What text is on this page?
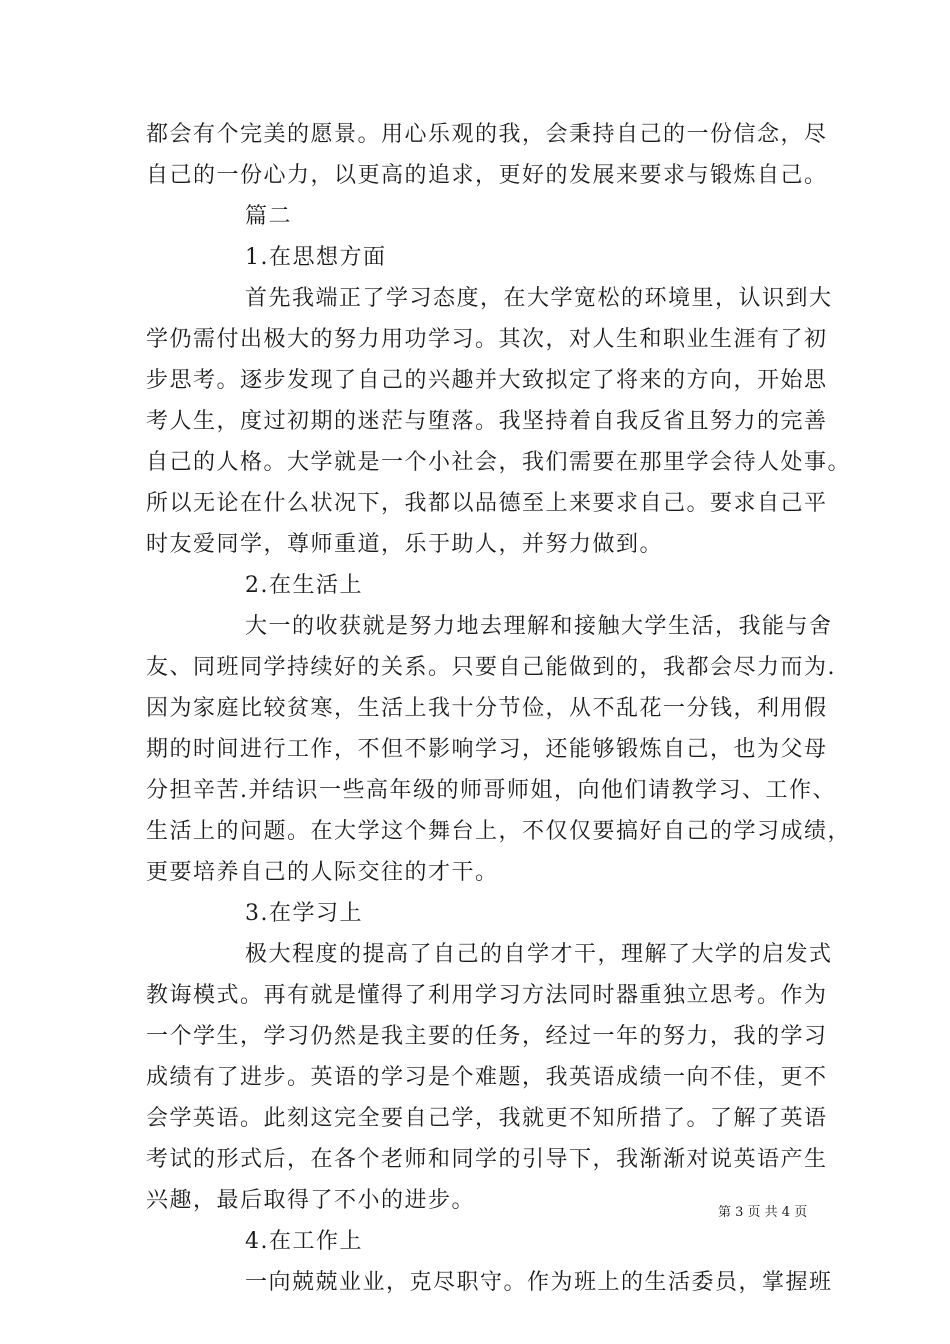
都会有个完美的愿景。用心乐观的我，会秉持自己的一份信念，尽
自己的一份心力，以更高的追求，更好的发展来要求与锻炼自己。
篇二
1.在思想方面
首先我端正了学习态度，在大学宽松的环境里，认识到大
学仍需付出极大的努力用功学习。其次，对人生和职业生涯有了初
步思考。逐步发现了自己的兴趣并大致拟定了将来的方向，开始思
考人生，度过初期的迷茫与堕落。我坚持着自我反省且努力的完善
自己的人格。大学就是一个小社会，我们需要在那里学会待人处事。
所以无论在什么状况下，我都以品德至上来要求自己。要求自己平
时友爱同学，尊师重道，乐于助人，并努力做到。
2.在生活上
大一的收获就是努力地去理解和接触大学生活，我能与舍
友、同班同学持续好的关系。只要自己能做到的，我都会尽力而为.
因为家庭比较贫寒，生活上我十分节俭，从不乱花一分钱，利用假
期的时间进行工作，不但不影响学习，还能够锻炼自己，也为父母
分担辛苦.并结识一些高年级的师哥师姐，向他们请教学习、工作、
生活上的问题。在大学这个舞台上，不仅仅要搞好自己的学习成绩，
更要培养自己的人际交往的才干。
3.在学习上
极大程度的提高了自己的自学才干，理解了大学的启发式
教诲模式。再有就是懂得了利用学习方法同时器重独立思考。作为
一个学生，学习仍然是我主要的任务，经过一年的努力，我的学习
成绩有了进步。英语的学习是个难题，我英语成绩一向不佳，更不
会学英语。此刻这完全要自己学，我就更不知所措了。了解了英语
考试的形式后，在各个老师和同学的引导下，我渐渐对说英语产生
兴趣，最后取得了不小的进步。
4.在工作上
一向兢兢业业，克尽职守。作为班上的生活委员，掌握班
第 3 页 共 4 页
